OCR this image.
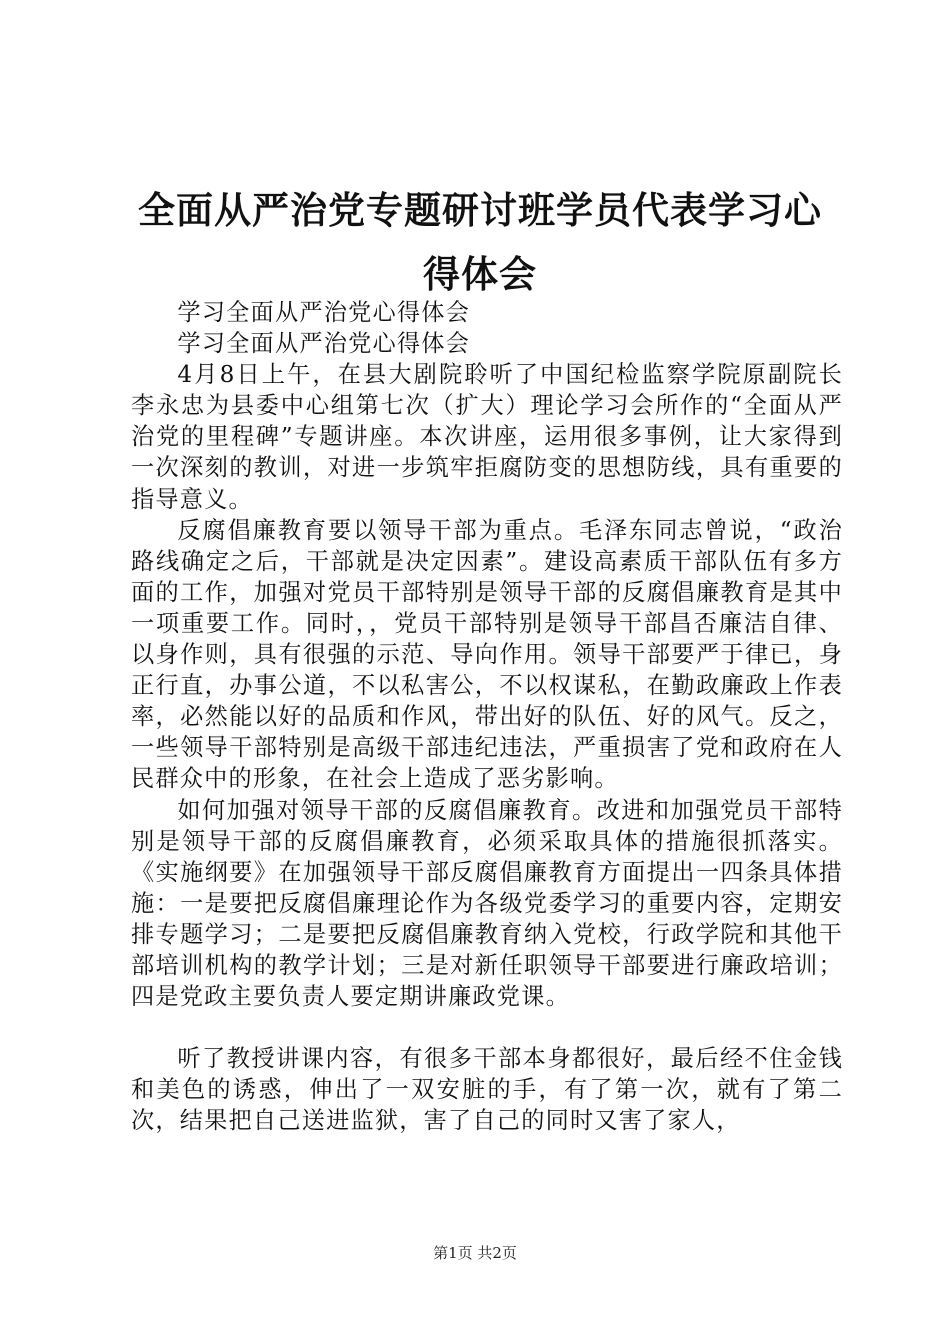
全面从严治党专题研讨班学员代表学习心得体会

学习全面从严治党心得体会

学习全面从严治党心得体会

4月8日上午，在县大剧院聆听了中国纪检监察学院原副院长李永忠为县委中心组第七次（扩大）理论学习会所作的“全面从严治党的里程碑”专题讲座。本次讲座，运用很多事例，让大家得到一次深刻的教训，对进一步筑牢拒腐防变的思想防线，具有重要的指导意义。

反腐倡廉教育要以领导干部为重点。毛泽东同志曾说，“政治路线确定之后，干部就是决定因素”。建设高素质干部队伍有多方面的工作，加强对党员干部特别是领导干部的反腐倡廉教育是其中一项重要工作。同时，，党员干部特别是领导干部昌否廉洁自律、以身作则，具有很强的示范、导向作用。领导干部要严于律已，身正行直，办事公道，不以私害公，不以权谋私，在勤政廉政上作表率，必然能以好的品质和作风，带出好的队伍、好的风气。反之，一些领导干部特别是高级干部违纪违法，严重损害了党和政府在人民群众中的形象，在社会上造成了恶劣影响。

如何加强对领导干部的反腐倡廉教育。改进和加强党员干部特别是领导干部的反腐倡廉教育，必须采取具体的措施很抓落实。《实施纲要》在加强领导干部反腐倡廉教育方面提出一四条具体措施：一是要把反腐倡廉理论作为各级党委学习的重要内容，定期安排专题学习；二是要把反腐倡廉教育纳入党校，行政学院和其他干部培训机构的教学计划；三是对新任职领导干部要进行廉政培训；四是党政主要负责人要定期讲廉政党课。

听了教授讲课内容，有很多干部本身都很好，最后经不住金钱和美色的诱惑，伸出了一双安脏的手，有了第一次，就有了第二次，结果把自己送进监狱，害了自己的同时又害了家人，

第1页 共2页
